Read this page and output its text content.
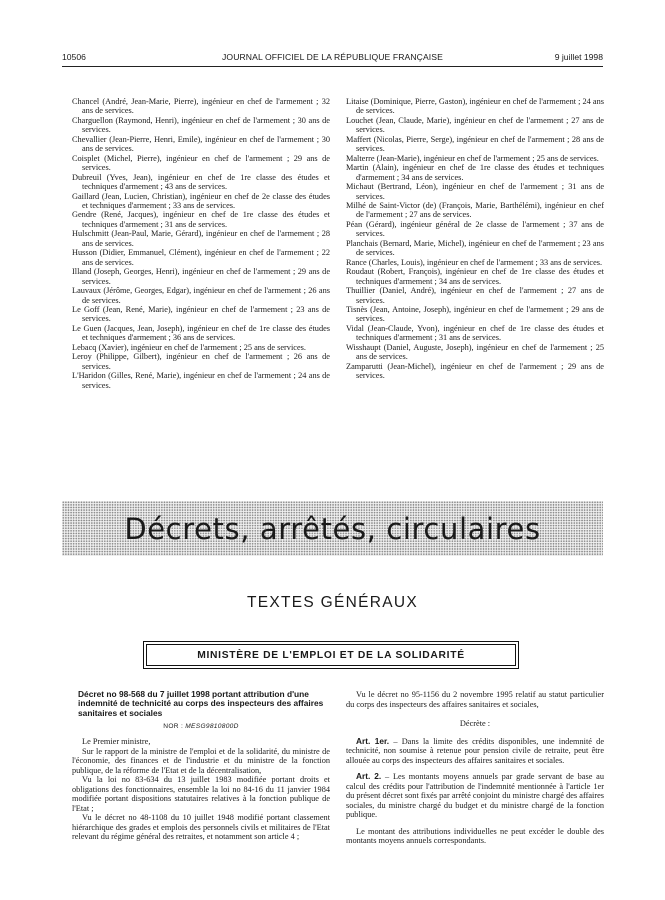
10506	JOURNAL OFFICIEL DE LA RÉPUBLIQUE FRANÇAISE	9 juillet 1998
Chancel (André, Jean-Marie, Pierre), ingénieur en chef de l'armement ; 32 ans de services.
Charguellon (Raymond, Henri), ingénieur en chef de l'armement ; 30 ans de services.
Chevallier (Jean-Pierre, Henri, Emile), ingénieur en chef de l'armement ; 30 ans de services.
Coisplet (Michel, Pierre), ingénieur en chef de l'armement ; 29 ans de services.
Dubreuil (Yves, Jean), ingénieur en chef de 1re classe des études et techniques d'armement ; 43 ans de services.
Gaillard (Jean, Lucien, Christian), ingénieur en chef de 2e classe des études et techniques d'armement ; 33 ans de services.
Gendre (René, Jacques), ingénieur en chef de 1re classe des études et techniques d'armement ; 31 ans de services.
Hulschmitt (Jean-Paul, Marie, Gérard), ingénieur en chef de l'armement ; 28 ans de services.
Husson (Didier, Emmanuel, Clément), ingénieur en chef de l'armement ; 22 ans de services.
Illand (Joseph, Georges, Henri), ingénieur en chef de l'armement ; 29 ans de services.
Lauvaux (Jérôme, Georges, Edgar), ingénieur en chef de l'armement ; 26 ans de services.
Le Goff (Jean, René, Marie), ingénieur en chef de l'armement ; 23 ans de services.
Le Guen (Jacques, Jean, Joseph), ingénieur en chef de 1re classe des études et techniques d'armement ; 36 ans de services.
Lebacq (Xavier), ingénieur en chef de l'armement ; 25 ans de services.
Leroy (Philippe, Gilbert), ingénieur en chef de l'armement ; 26 ans de services.
L'Haridon (Gilles, René, Marie), ingénieur en chef de l'armement ; 24 ans de services.
Litaise (Dominique, Pierre, Gaston), ingénieur en chef de l'armement ; 24 ans de services.
Louchet (Jean, Claude, Marie), ingénieur en chef de l'armement ; 27 ans de services.
Maffert (Nicolas, Pierre, Serge), ingénieur en chef de l'armement ; 28 ans de services.
Malterre (Jean-Marie), ingénieur en chef de l'armement ; 25 ans de services.
Martin (Alain), ingénieur en chef de 1re classe des études et techniques d'armement ; 34 ans de services.
Michaut (Bertrand, Léon), ingénieur en chef de l'armement ; 31 ans de services.
Milhé de Saint-Victor (de) (François, Marie, Barthélémi), ingénieur en chef de l'armement ; 27 ans de services.
Péan (Gérard), ingénieur général de 2e classe de l'armement ; 37 ans de services.
Planchais (Bernard, Marie, Michel), ingénieur en chef de l'armement ; 23 ans de services.
Rance (Charles, Louis), ingénieur en chef de l'armement ; 33 ans de services.
Roudaut (Robert, François), ingénieur en chef de 1re classe des études et techniques d'armement ; 34 ans de services.
Thuillier (Daniel, André), ingénieur en chef de l'armement ; 27 ans de services.
Tisnès (Jean, Antoine, Joseph), ingénieur en chef de l'armement ; 29 ans de services.
Vidal (Jean-Claude, Yvon), ingénieur en chef de 1re classe des études et techniques d'armement ; 31 ans de services.
Wisshaupt (Daniel, Auguste, Joseph), ingénieur en chef de l'armement ; 25 ans de services.
Zamparutti (Jean-Michel), ingénieur en chef de l'armement ; 29 ans de services.
Décrets, arrêtés, circulaires
TEXTES GÉNÉRAUX
MINISTÈRE DE L'EMPLOI ET DE LA SOLIDARITÉ
Décret no 98-568 du 7 juillet 1998 portant attribution d'une indemnité de technicité au corps des inspecteurs des affaires sanitaires et sociales
NOR : MESG9810800D

Le Premier ministre,

Sur le rapport de la ministre de l'emploi et de la solidarité, du ministre de l'économie, des finances et de l'industrie et du ministre de la fonction publique, de la réforme de l'Etat et de la décentralisation,

Vu la loi no 83-634 du 13 juillet 1983 modifiée portant droits et obligations des fonctionnaires, ensemble la loi no 84-16 du 11 janvier 1984 modifiée portant dispositions statutaires relatives à la fonction publique de l'Etat ;

Vu le décret no 48-1108 du 10 juillet 1948 modifié portant classement hiérarchique des grades et emplois des personnels civils et militaires de l'Etat relevant du régime général des retraites, et notamment son article 4 ;

Vu le décret no 95-1156 du 2 novembre 1995 relatif au statut particulier du corps des inspecteurs des affaires sanitaires et sociales,

Décrète :

Art. 1er. – Dans la limite des crédits disponibles, une indemnité de technicité, non soumise à retenue pour pension civile de retraite, peut être allouée au corps des inspecteurs des affaires sanitaires et sociales.

Art. 2. – Les montants moyens annuels par grade servant de base au calcul des crédits pour l'attribution de l'indemnité mentionnée à l'article 1er du présent décret sont fixés par arrêté conjoint du ministre chargé des affaires sociales, du ministre chargé du budget et du ministre chargé de la fonction publique.

Le montant des attributions individuelles ne peut excéder le double des montants moyens annuels correspondants.
